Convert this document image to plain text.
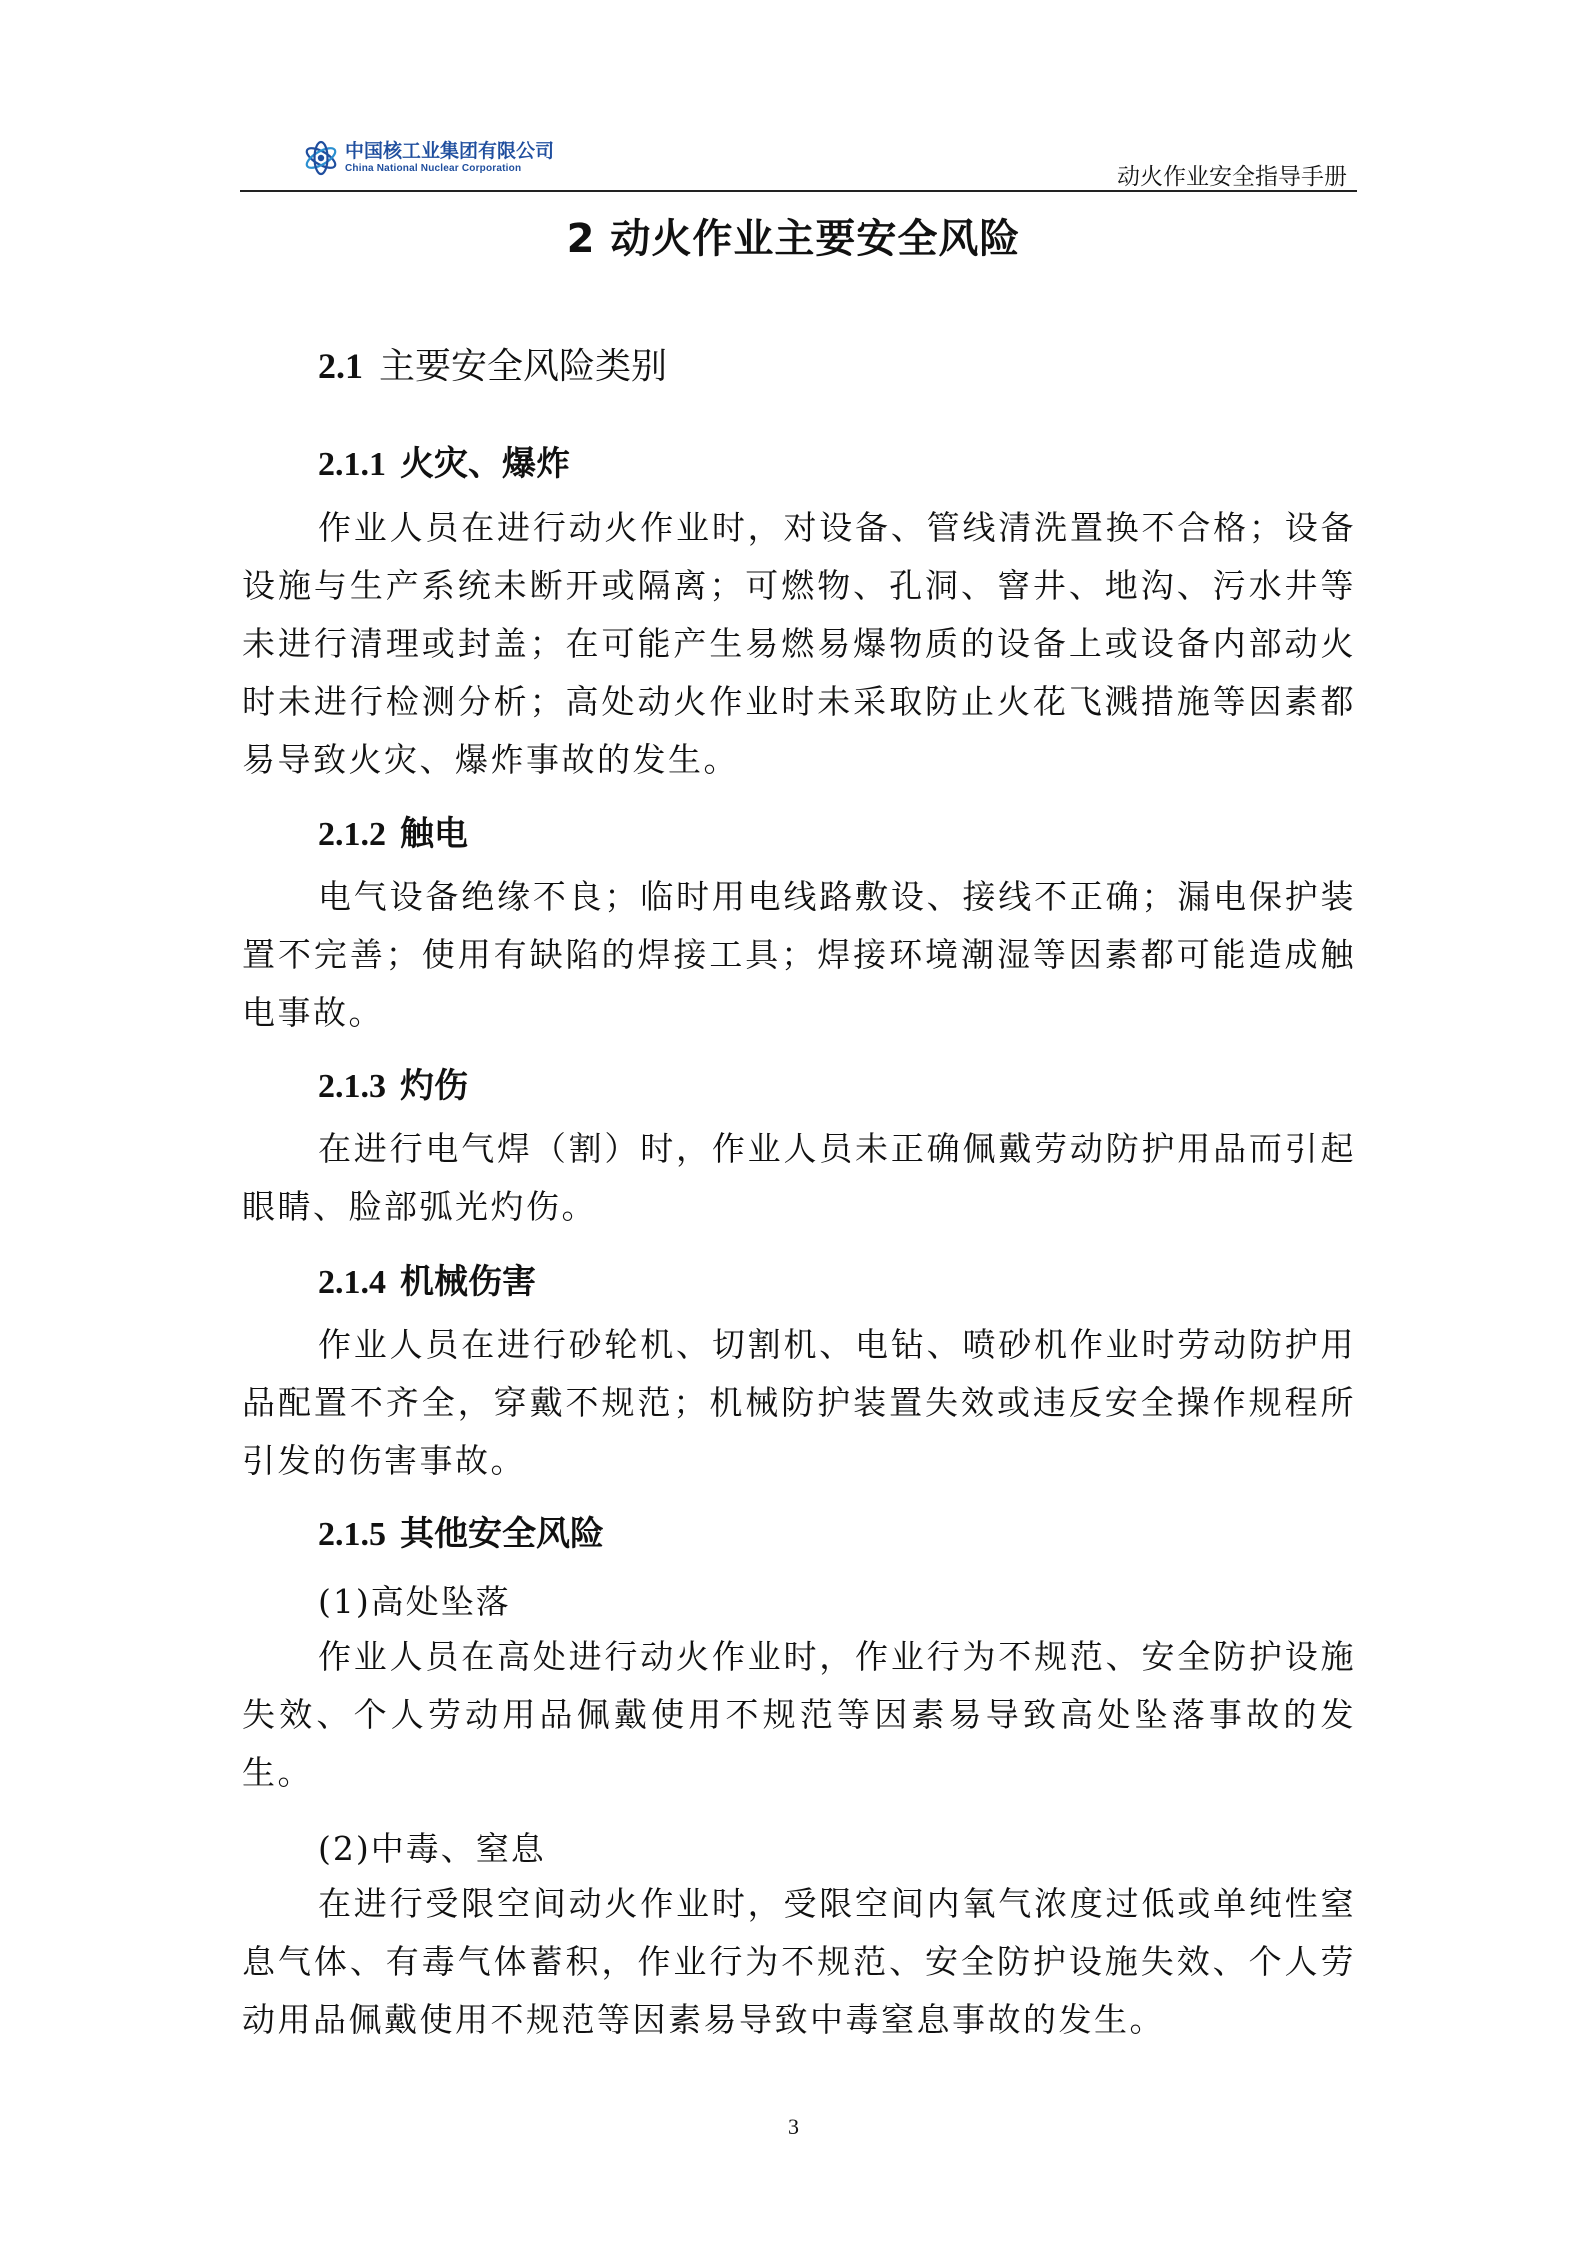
中国核工业集团有限公司
China National Nuclear Corporation	动火作业安全指导手册
2 动火作业主要安全风险
2.1 主要安全风险类别
2.1.1 火灾、爆炸
作业人员在进行动火作业时，对设备、管线清洗置换不合格；设备设施与生产系统未断开或隔离；可燃物、孔洞、窨井、地沟、污水井等未进行清理或封盖；在可能产生易燃易爆物质的设备上或设备内部动火时未进行检测分析；高处动火作业时未采取防止火花飞溅措施等因素都易导致火灾、爆炸事故的发生。
2.1.2 触电
电气设备绝缘不良；临时用电线路敷设、接线不正确；漏电保护装置不完善；使用有缺陷的焊接工具；焊接环境潮湿等因素都可能造成触电事故。
2.1.3 灼伤
在进行电气焊（割）时，作业人员未正确佩戴劳动防护用品而引起眼睛、脸部弧光灼伤。
2.1.4 机械伤害
作业人员在进行砂轮机、切割机、电钻、喷砂机作业时劳动防护用品配置不齐全，穿戴不规范；机械防护装置失效或违反安全操作规程所引发的伤害事故。
2.1.5 其他安全风险
(1)高处坠落
作业人员在高处进行动火作业时，作业行为不规范、安全防护设施失效、个人劳动用品佩戴使用不规范等因素易导致高处坠落事故的发生。
(2)中毒、窒息
在进行受限空间动火作业时，受限空间内氧气浓度过低或单纯性窒息气体、有毒气体蓄积，作业行为不规范、安全防护设施失效、个人劳动用品佩戴使用不规范等因素易导致中毒窒息事故的发生。
3
